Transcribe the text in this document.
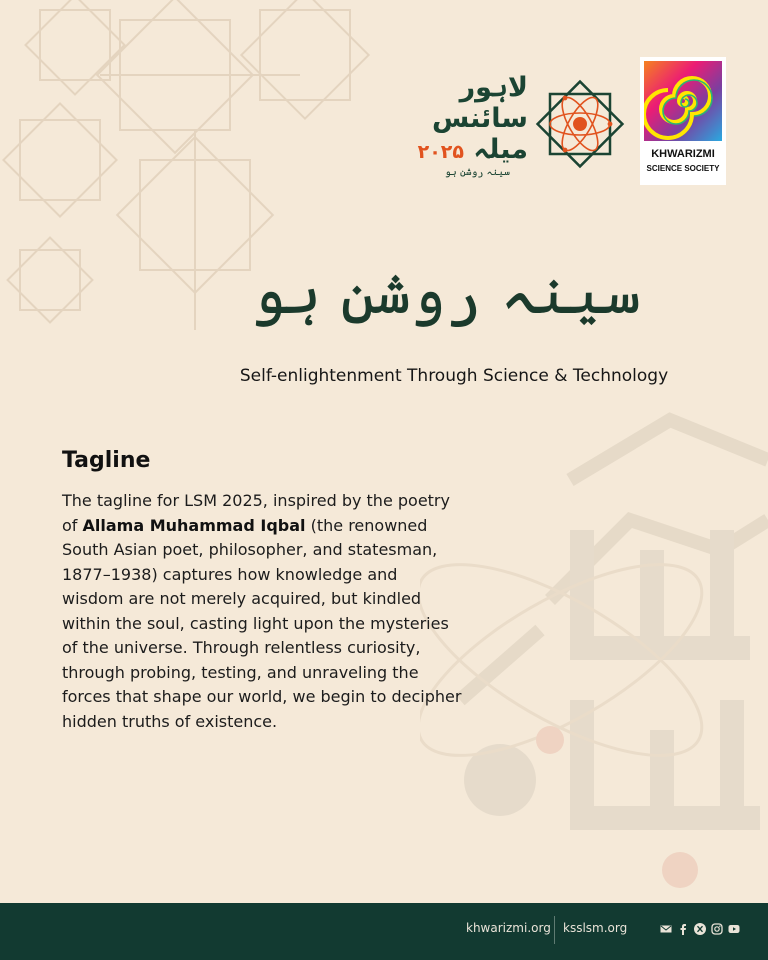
لاہور
سائنس
میلہ ۲۰۲۵
سینہ روشن ہو
KHWARIZMI
SCIENCE SOCIETY
سینہ روشن ہو
Self-enlightenment Through Science & Technology
Tagline

The tagline for LSM 2025, inspired by the poetry of Allama Muhammad Iqbal (the renowned South Asian poet, philosopher, and statesman, 1877–1938) captures how knowledge and wisdom are not merely acquired, but kindled within the soul, casting light upon the mysteries of the universe. Through relentless curiosity, through probing, testing, and unraveling the forces that shape our world, we begin to decipher hidden truths of existence.

khwarizmi.org ksslsm.org
